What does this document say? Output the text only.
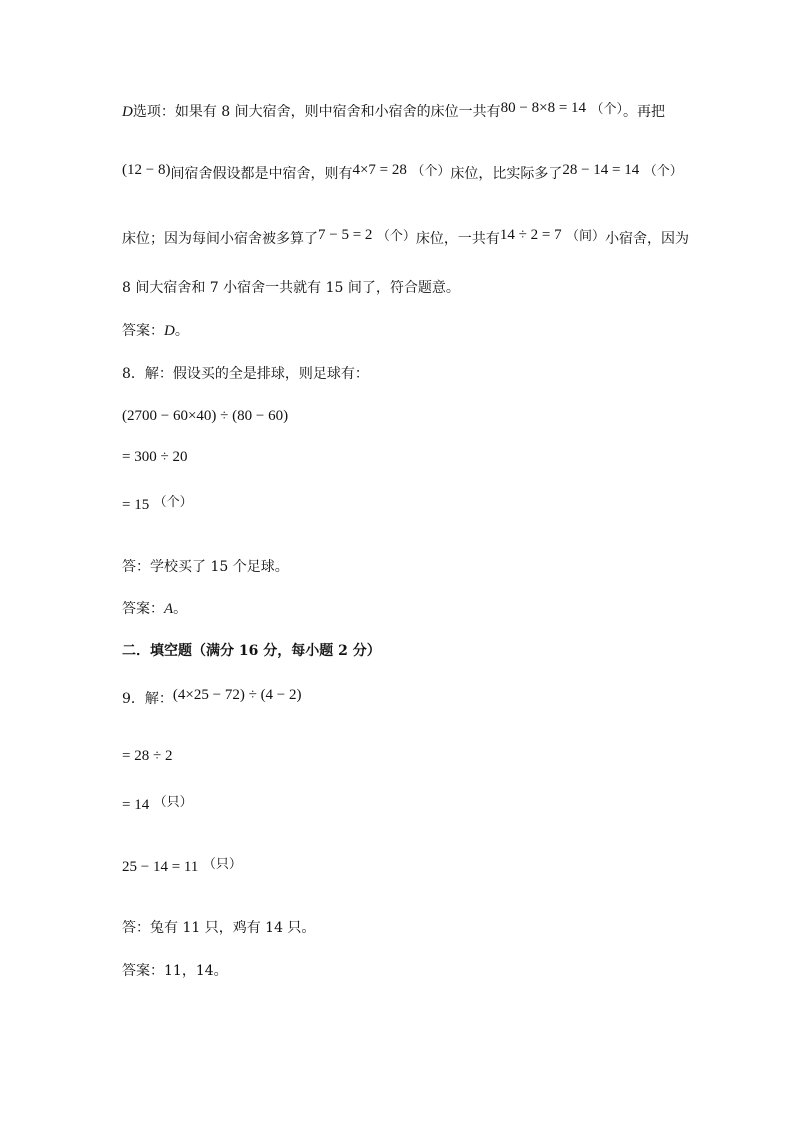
D选项：如果有 8 间大宿舍，则中宿舍和小宿舍的床位一共有80 − 8×8 = 14 （个）。再把
(12 − 8)间宿舍假设都是中宿舍，则有4×7 = 28 （个）床位，比实际多了28 − 14 = 14 （个）
床位；因为每间小宿舍被多算了7 − 5 = 2 （个）床位，一共有14 ÷ 2 = 7 （间）小宿舍，因为
8 间大宿舍和 7 小宿舍一共就有 15 间了，符合题意。
答案：D。
8．解：假设买的全是排球，则足球有：
(2700 − 60×40) ÷ (80 − 60)
= 300 ÷ 20
= 15 （个）
答：学校买了 15 个足球。
答案：A。
二．填空题（满分 16 分，每小题 2 分）
9．解：(4×25 − 72) ÷ (4 − 2)
= 28 ÷ 2
= 14 （只）
25 − 14 = 11 （只）
答：兔有 11 只，鸡有 14 只。
答案：11，14。
